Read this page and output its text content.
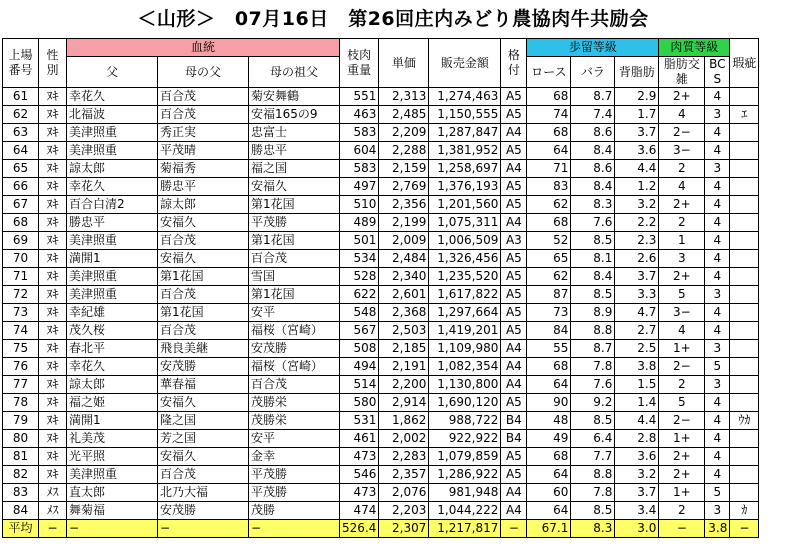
＜山形＞　07月16日　第26回庄内みどり農協肉牛共励会
上場番号	性別	血統			枝肉重量	単価	販売金額	格付	歩留等級			肉質等級		瑕疵
		父	母の父	母の祖父					ロース	バラ	背脂肪	脂肪交雑	BCS	

61	ﾇｷ	幸花久	百合茂	菊安舞鶴	551	2,313	1,274,463	A5	68	8.7	2.9	2+	4	
62	ﾇｷ	北福波	百合茂	安福165の9	463	2,485	1,150,555	A5	74	7.4	1.7	4	3	ｴ
63	ﾇｷ	美津照重	秀正実	忠富士	583	2,209	1,287,847	A4	68	8.6	3.7	2−	4	
64	ﾇｷ	美津照重	平茂晴	勝忠平	604	2,288	1,381,952	A5	64	8.4	3.6	3−	4	
65	ﾇｷ	諒太郎	菊福秀	福之国	583	2,159	1,258,697	A4	71	8.6	4.4	2	3	
66	ﾇｷ	幸花久	勝忠平	安福久	497	2,769	1,376,193	A5	83	8.4	1.2	4	4	
67	ﾇｷ	百合白清2	諒太郎	第1花国	510	2,356	1,201,560	A5	62	8.3	3.2	2+	4	
68	ﾇｷ	勝忠平	安福久	平茂勝	489	2,199	1,075,311	A4	68	7.6	2.2	2	4	
69	ﾇｷ	美津照重	百合茂	第1花国	501	2,009	1,006,509	A3	52	8.5	2.3	1	4	
70	ﾇｷ	満開1	安福久	百合茂	534	2,484	1,326,456	A5	65	8.1	2.6	3	4	
71	ﾇｷ	美津照重	第1花国	雪国	528	2,340	1,235,520	A5	62	8.4	3.7	2+	4	
72	ﾇｷ	美津照重	百合茂	第1花国	622	2,601	1,617,822	A5	87	8.5	3.3	5	3	
73	ﾇｷ	幸紀雄	第1花国	安平	548	2,368	1,297,664	A5	73	8.9	4.7	3−	4	
74	ﾇｷ	茂久桜	百合茂	福桜（宮崎）	567	2,503	1,419,201	A5	84	8.8	2.7	4	4	
75	ﾇｷ	春北平	飛良美継	安茂勝	508	2,185	1,109,980	A4	55	8.7	2.5	1+	3	
76	ﾇｷ	幸花久	安茂勝	福桜（宮崎）	494	2,191	1,082,354	A4	68	7.8	3.8	2−	5	
77	ﾇｷ	諒太郎	華春福	百合茂	514	2,200	1,130,800	A4	64	7.6	1.5	2	3	
78	ﾇｷ	福之姫	安福久	茂勝栄	580	2,914	1,690,120	A5	90	9.2	1.4	5	4	
79	ﾇｷ	満開1	隆之国	茂勝栄	531	1,862	988,722	B4	48	8.5	4.4	2−	4	ｳｶ
80	ﾇｷ	礼美茂	芳之国	安平	461	2,002	922,922	B4	49	6.4	2.8	1+	4	
81	ﾇｷ	光平照	安福久	金幸	473	2,283	1,079,859	A5	68	7.7	3.6	2+	4	
82	ﾇｷ	美津照重	百合茂	平茂勝	546	2,357	1,286,922	A5	64	8.8	3.2	2+	4	
83	ﾒｽ	直太郎	北乃大福	平茂勝	473	2,076	981,948	A4	60	7.8	3.7	1+	5	
84	ﾒｽ	舞菊福	安茂勝	茂勝	474	2,203	1,044,222	A4	64	8.5	3.4	2	3	ｶ
平均	−	−	−	−	526.4	2,307	1,217,817	−	67.1	8.3	3.0	−	3.8	−
